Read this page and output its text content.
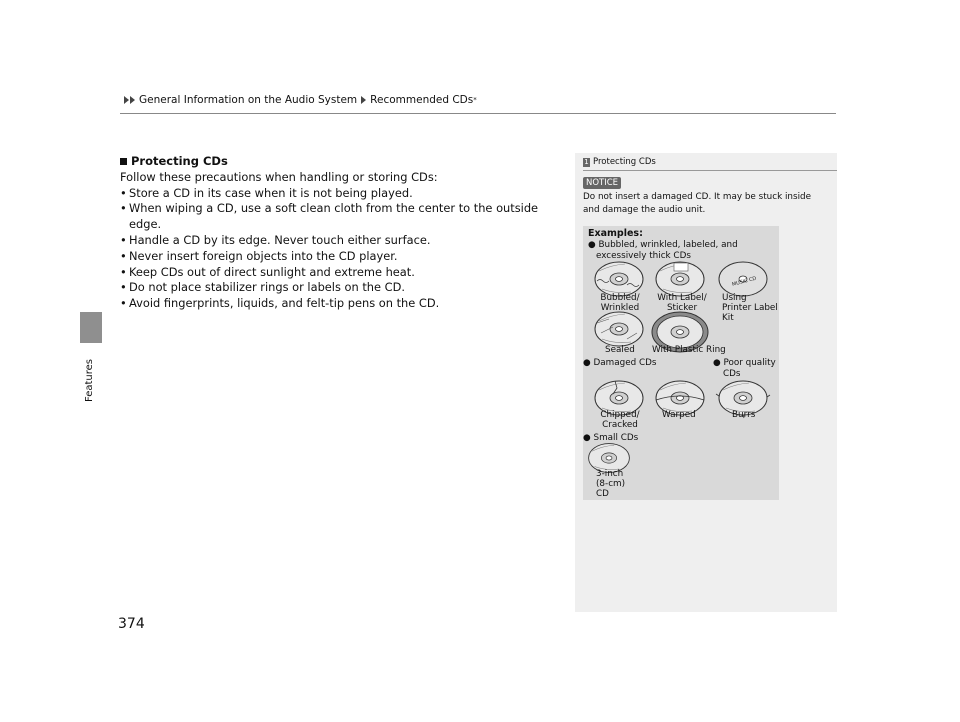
General Information on the Audio System Recommended CDs *
Features
Protecting CDs

Follow these precautions when handling or storing CDs:

• Store a CD in its case when it is not being played.
• When wiping a CD, use a soft clean cloth from the center to the outside edge.
• Handle a CD by its edge. Never touch either surface.
• Never insert foreign objects into the CD player.
• Keep CDs out of direct sunlight and extreme heat.
• Do not place stabilizer rings or labels on the CD.
• Avoid fingerprints, liquids, and felt-tip pens on the CD.
1 Protecting CDs
NOTICE
Do not insert a damaged CD. It may be stuck inside
and damage the audio unit.
Examples:
● Bubbled, wrinkled, labeled, and
excessively thick CDs
MUSIC CD
Bubbled/
Wrinkled
With Label/
Sticker
Using
Printer Label
Kit
Sealed With Plastic Ring
● Damaged CDs	● Poor quality
CDs
Chipped/
Cracked
Warped	Burrs
● Small CDs
3-inch
(8-cm)
CD
374
